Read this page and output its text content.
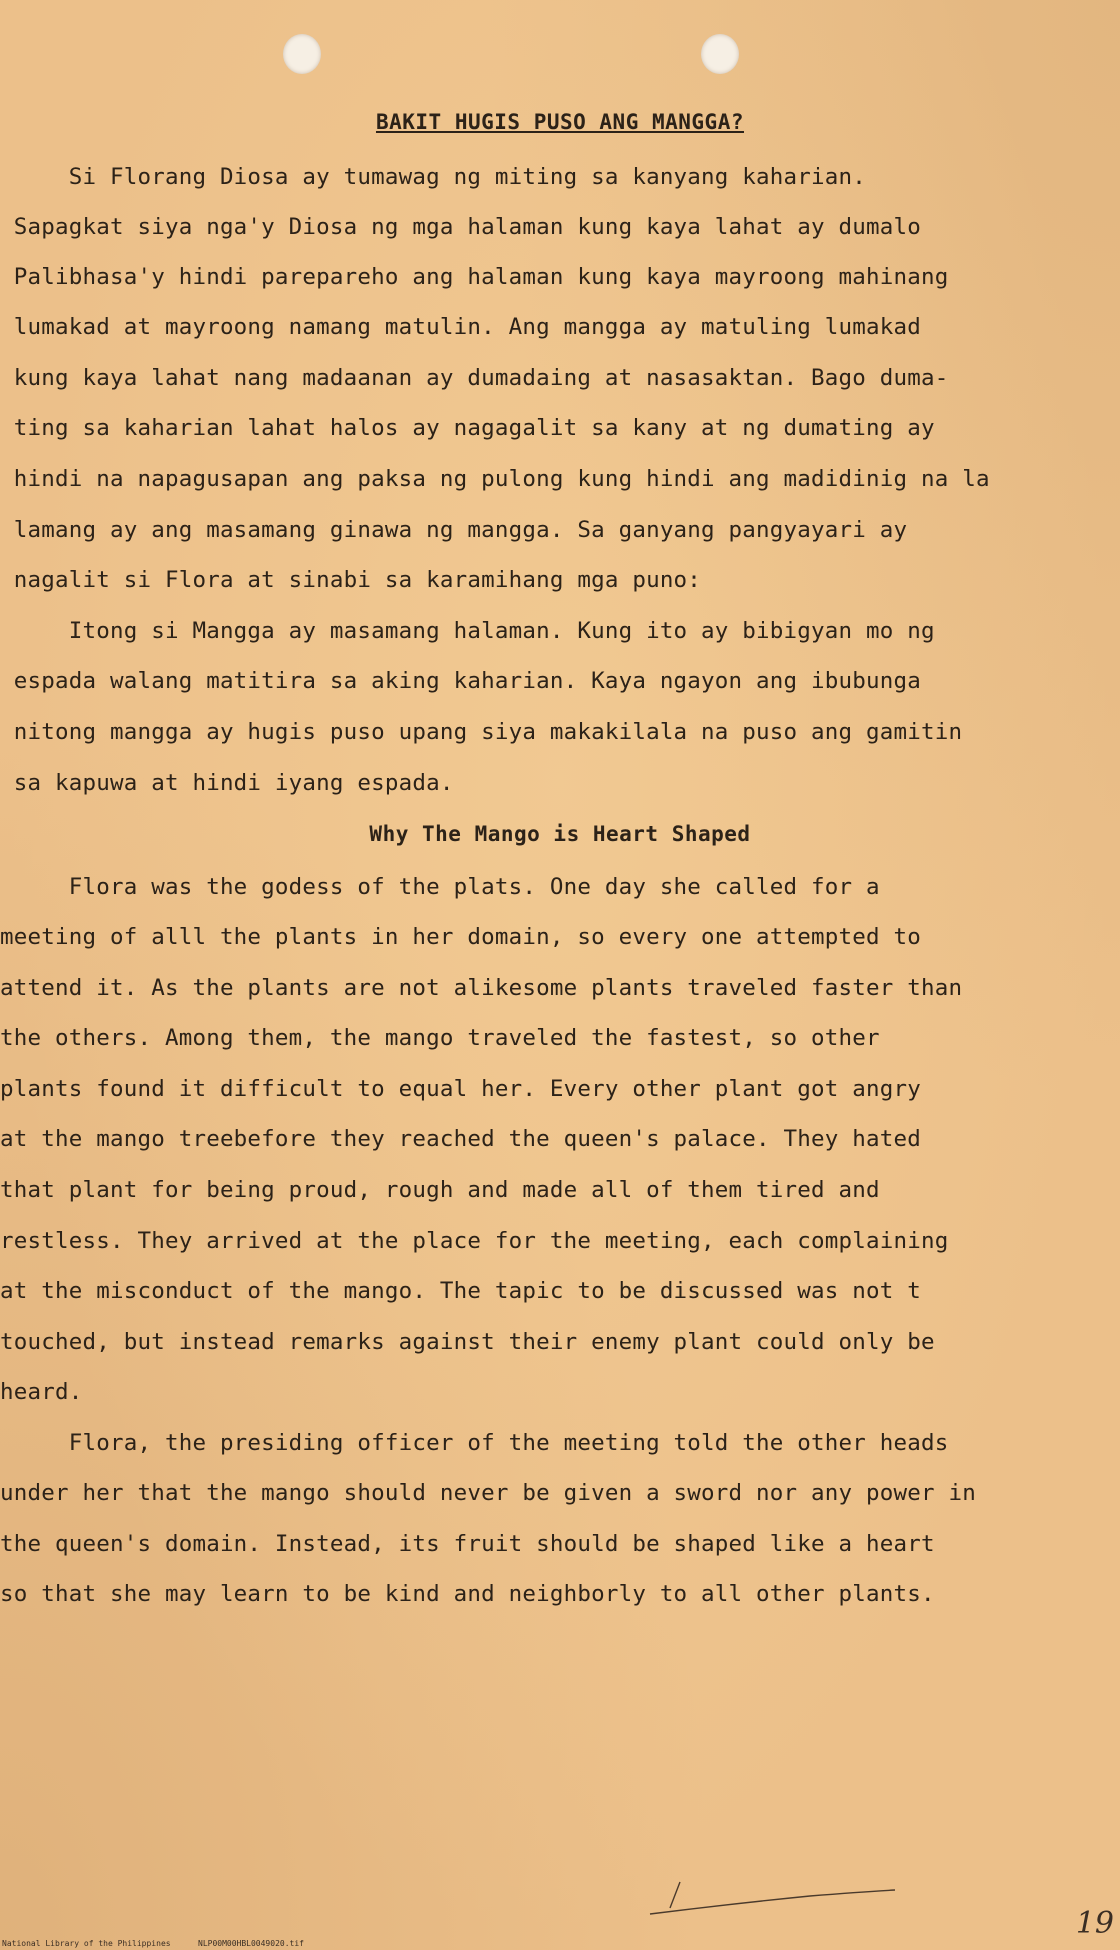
BAKIT HUGIS PUSO ANG MANGGA?
Si Florang Diosa ay tumawag ng miting sa kanyang kaharian.
Sapagkat siya nga'y Diosa ng mga halaman kung kaya lahat ay dumalo
Palibhasa'y hindi parepareho ang halaman kung kaya mayroong mahinang
lumakad at mayroong namang matulin. Ang mangga ay matuling lumakad
kung kaya lahat nang madaanan ay dumadaing at nasasaktan. Bago duma-
ting sa kaharian lahat halos ay nagagalit sa kany at ng dumating ay
hindi na napagusapan ang paksa ng pulong kung hindi ang madidinig na la
lamang ay ang masamang ginawa ng mangga. Sa ganyang pangyayari ay
nagalit si Flora at sinabi sa karamihang mga puno:
Itong si Mangga ay masamang halaman. Kung ito ay bibigyan mo ng
espada walang matitira sa aking kaharian. Kaya ngayon ang ibubunga
nitong mangga ay hugis puso upang siya makakilala na puso ang gamitin
sa kapuwa at hindi iyang espada.
Why The Mango is Heart Shaped
Flora was the godess of the plats. One day she called for a
meeting of alll the plants in her domain, so every one attempted to
attend it. As the plants are not alikesome plants traveled faster than
the others. Among them, the mango traveled the fastest, so other
plants found it difficult to equal her. Every other plant got angry
at the mango treebefore they reached the queen's palace. They hated
that plant for being proud, rough and made all of them tired and
restless. They arrived at the place for the meeting, each complaining
at the misconduct of the mango. The tapic to be discussed was not t
touched, but instead remarks against their enemy plant could only be
heard.
Flora, the presiding officer of the meeting told the other heads
under her that the mango should never be given a sword nor any power in
the queen's domain. Instead, its fruit should be shaped like a heart
so that she may learn to be kind and neighborly to all other plants.
National Library of the Philippines	NLP00M00HBL0049020.tif
19
